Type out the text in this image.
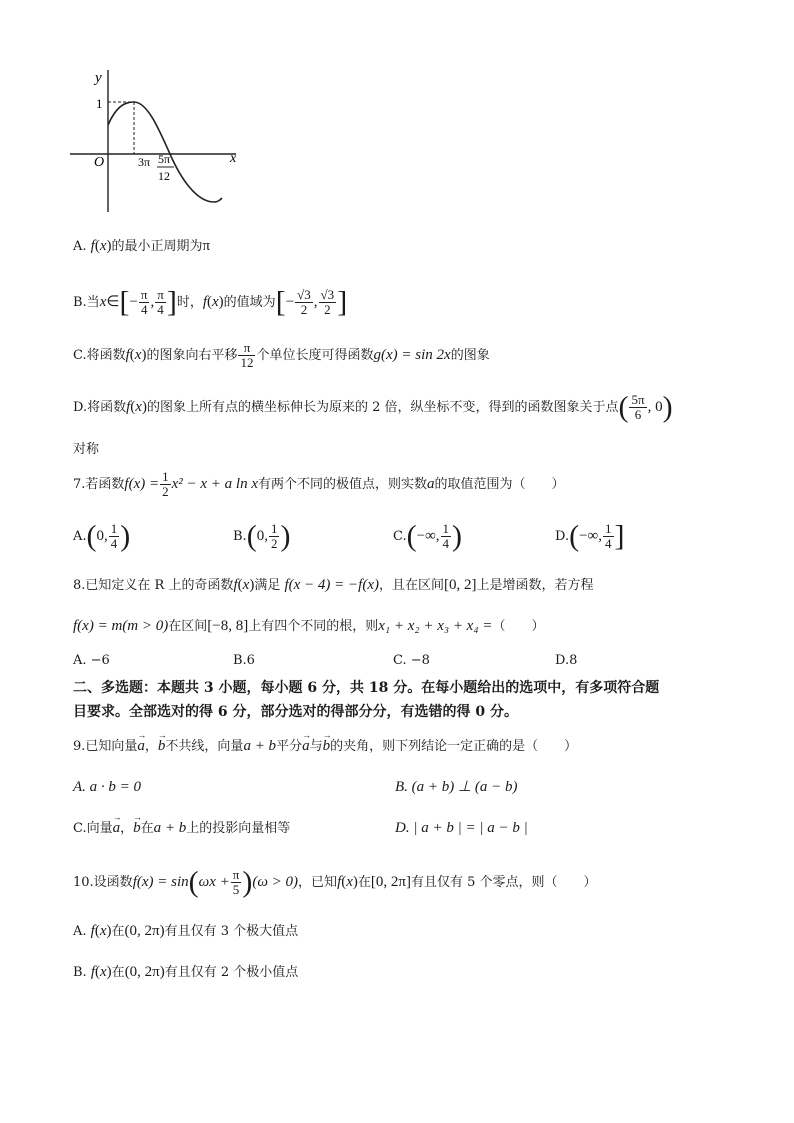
y
x
O
1
3π 5π
12
A. f(x)的最小正周期为π
B.当x∈[− $\frac{\pi}{4}$ , $\frac{\pi}{4}$ ]时，f(x)的值域为[− $\frac{√3}{2}$ , $\frac{√3}{2}$ ]
C.将函数f(x)的图象向右平移 $\frac{\pi}{12}$ 个单位长度可得函数g(x) = sin 2x的图象
D.将函数f(x)的图象上所有点的横坐标伸长为原来的 2 倍，纵坐标不变，得到的函数图象关于点( $\frac{5\pi}{6}$ , 0)
对称
7.若函数$f(x) = \frac{1}{2} x^2 - x + a$ ln x有两个不同的极值点，则实数a的取值范围为（　　）
A.(0, $\frac{1}{4}$ )	B.(0, $\frac{1}{2}$ )	C.(−∞, $\frac{1}{4}$ )	D.(−∞, $\frac{1}{4}$ ]
8.已知定义在 R 上的奇函数f(x)满足 f(x − 4) = −f(x)，且在区间[0, 2]上是增函数，若方程
f(x) = m(m > 0)在区间[−8, 8]上有四个不同的根，则x₁ + x₂ + x₃ + x₄ =（　　）
A. −6	B.6	C. −8	D.8
二、多选题：本题共 3 小题，每小题 6 分，共 18 分。在每小题给出的选项中，有多项符合题
目要求。全部选对的得 6 分，部分选对的得部分分，有选错的得 0 分。
9.已知向量→ a，→ b不共线，向量a + b平分→ a与→ b的夹角，则下列结论一定正确的是（　　）
A. a · b = 0	B. (a + b) ⊥ (a − b)
C.向量→ a，→ b在a + b上的投影向量相等	D. | a + b | = | a − b |
10.设函数$f(x) = \sin(\omega x + \frac{\pi}{5} )(\omega > 0)$，已知f(x)在[0, 2π]有且仅有 5 个零点，则（　　）
A. f(x)在(0, 2π)有且仅有 3 个极大值点
B. f(x)在(0, 2π)有且仅有 2 个极小值点
